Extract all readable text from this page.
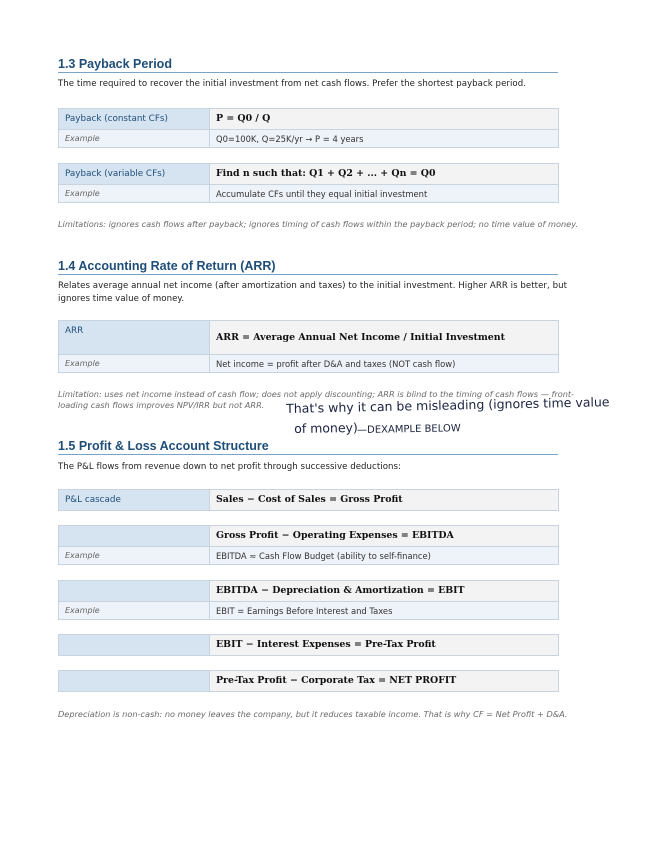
1.3 Payback Period
The time required to recover the initial investment from net cash flows. Prefer the shortest payback period.
Payback (constant CFs)	P = Q0 / Q
Example	Q0=100K, Q=25K/yr → P = 4 years
Payback (variable CFs)	Find n such that: Q1 + Q2 + ... + Qn = Q0
Example	Accumulate CFs until they equal initial investment
Limitations: ignores cash flows after payback; ignores timing of cash flows within the payback period; no time value of money.
1.4 Accounting Rate of Return (ARR)
Relates average annual net income (after amortization and taxes) to the initial investment. Higher ARR is better, but ignores time value of money.
ARR	ARR = Average Annual Net Income / Initial Investment
Example	Net income = profit after D&A and taxes (NOT cash flow)
Limitation: uses net income instead of cash flow; does not apply discounting; ARR is blind to the timing of cash flows — front-loading cash flows improves NPV/IRR but not ARR.
1.5 Profit & Loss Account Structure
The P&L flows from revenue down to net profit through successive deductions:
P&L cascade	Sales − Cost of Sales = Gross Profit
	Gross Profit − Operating Expenses = EBITDA
Example	EBITDA ≈ Cash Flow Budget (ability to self-finance)
	EBITDA − Depreciation & Amortization = EBIT
Example	EBIT = Earnings Before Interest and Taxes
	EBIT − Interest Expenses = Pre-Tax Profit
	Pre-Tax Profit − Corporate Tax = NET PROFIT
Depreciation is non-cash: no money leaves the company, but it reduces taxable income. That is why CF = Net Profit + D&A.
That's why it can be misleading (ignores time value
of money) —DEXAMPLE BELOW
